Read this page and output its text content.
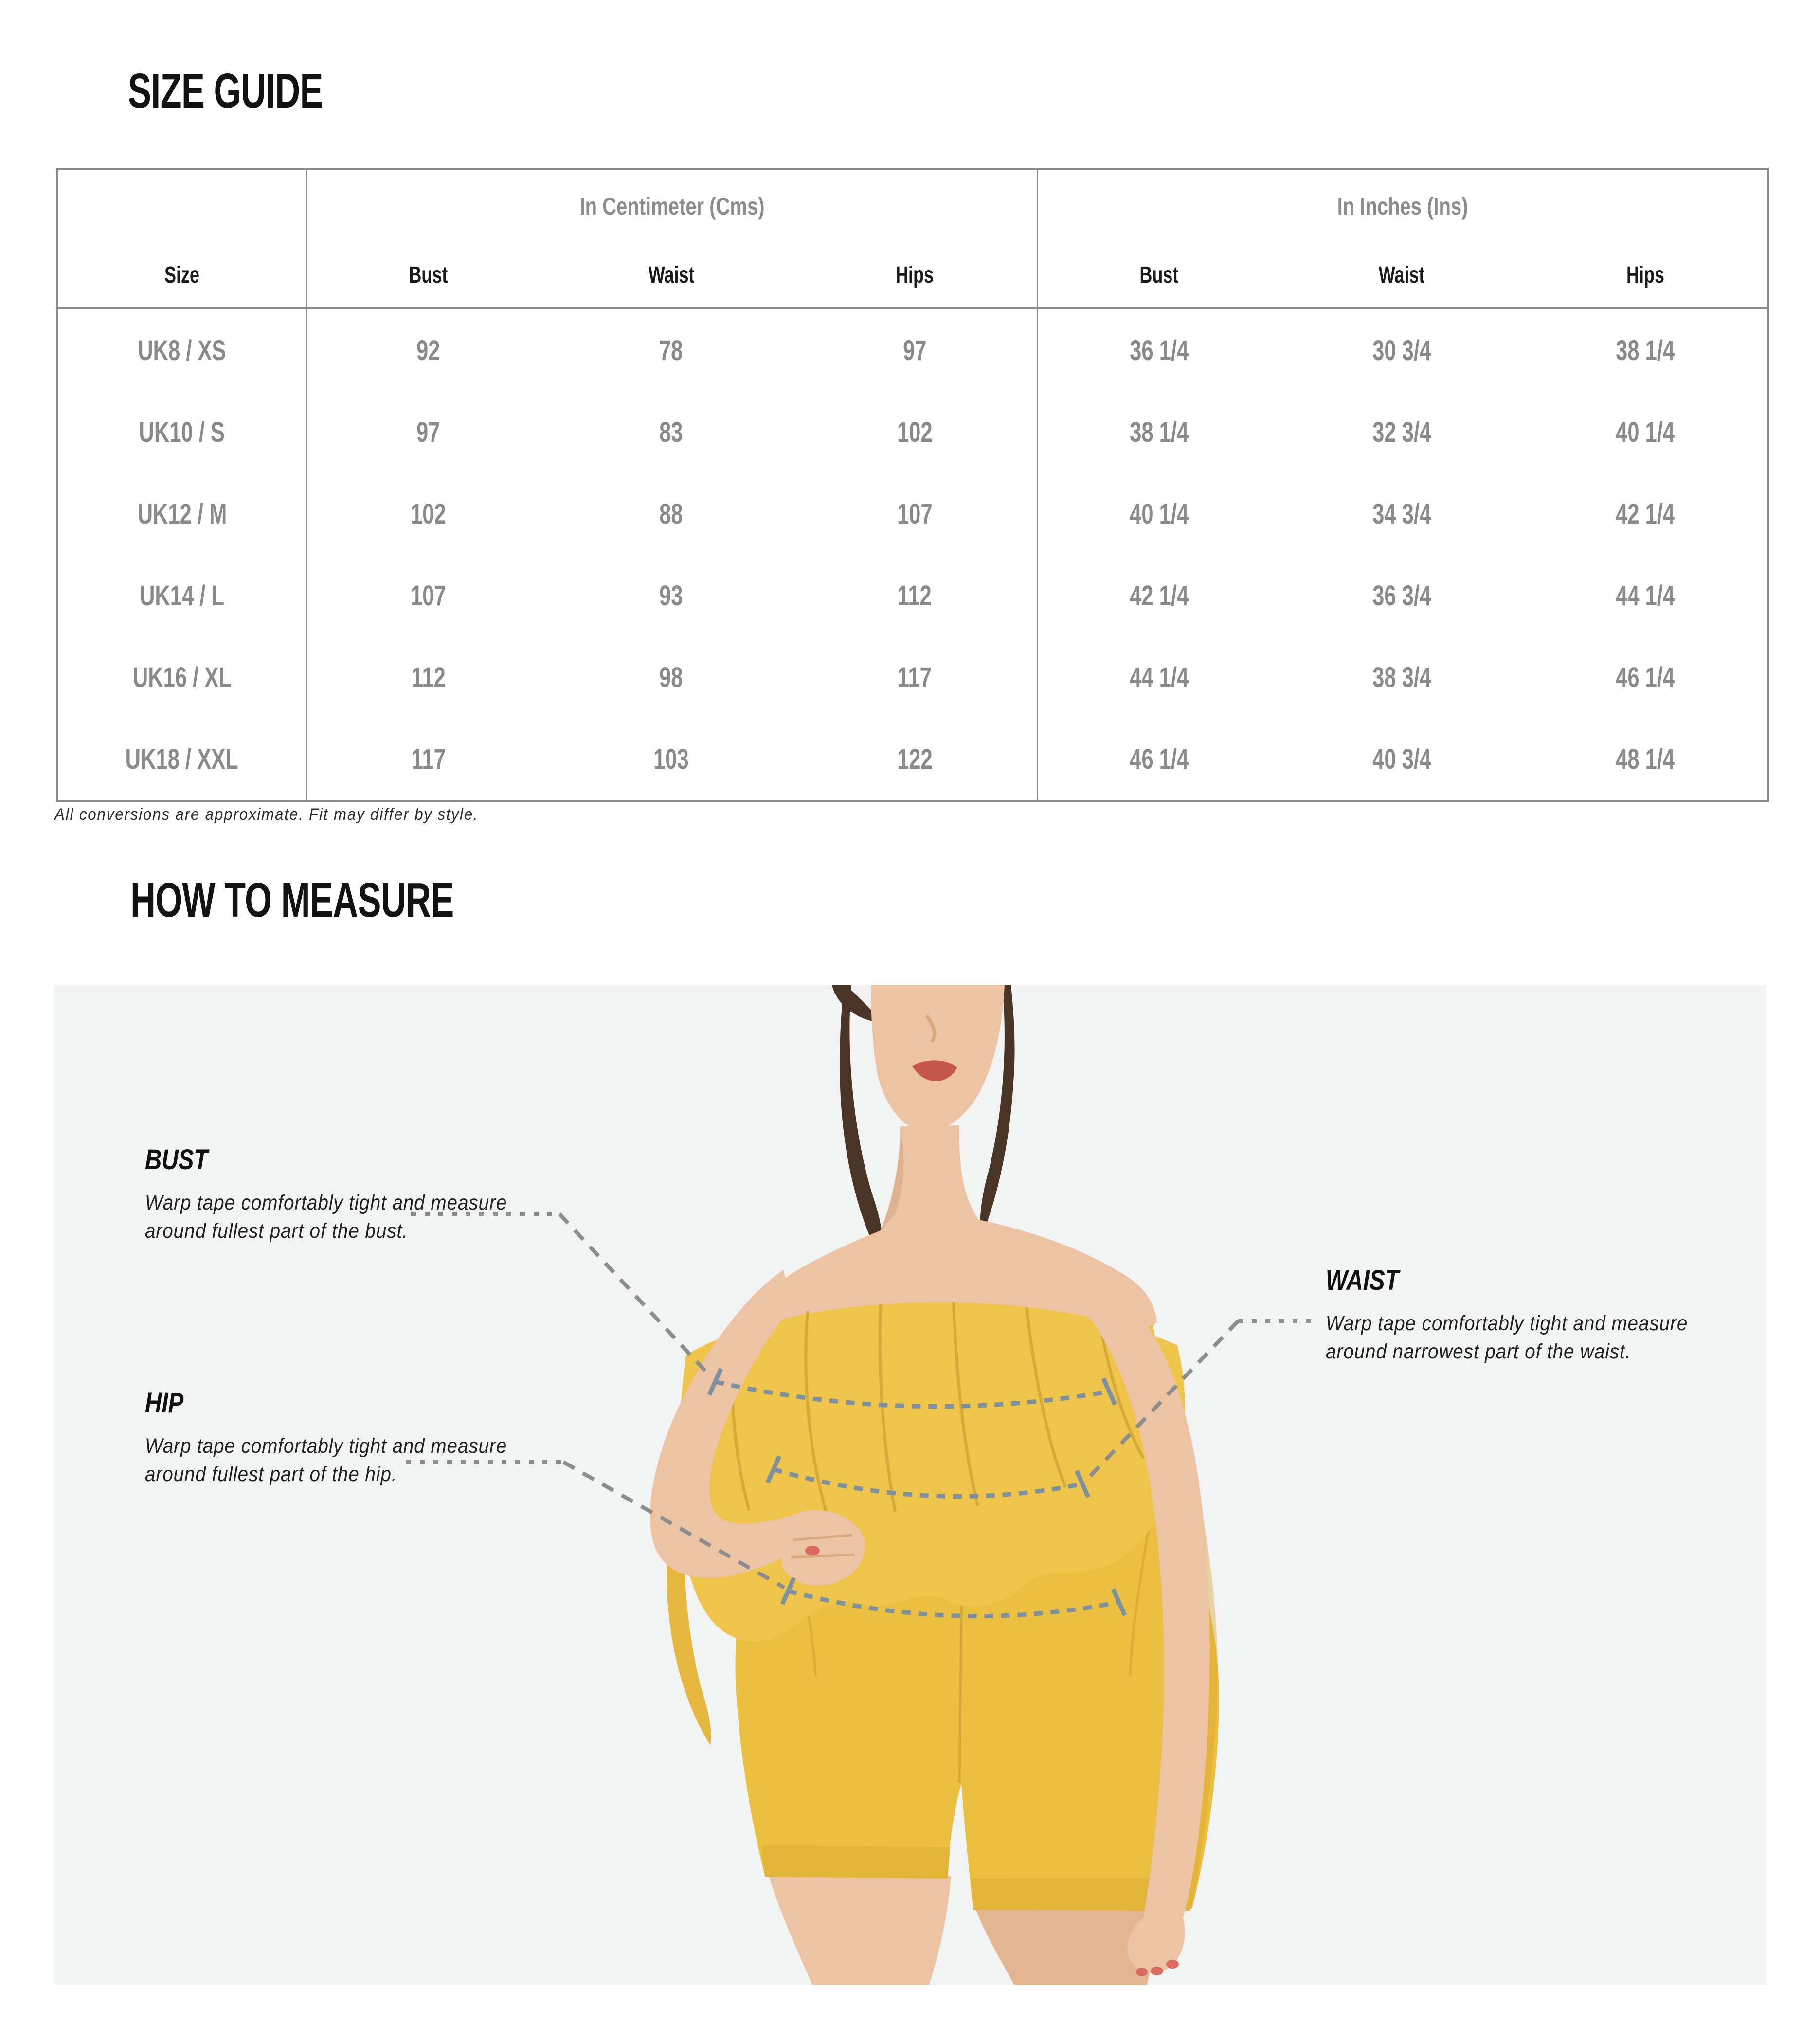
SIZE GUIDE
In Centimeter (Cms)	In Inches (Ins)
Size	Bust	Waist	Hips	Bust	Waist	Hips
UK8 / XS	92	78	97	36 1/4	30 3/4	38 1/4
UK10 / S	97	83	102	38 1/4	32 3/4	40 1/4
UK12 / M	102	88	107	40 1/4	34 3/4	42 1/4
UK14 / L	107	93	112	42 1/4	36 3/4	44 1/4
UK16 / XL	112	98	117	44 1/4	38 3/4	46 1/4
UK18 / XXL	117	103	122	46 1/4	40 3/4	48 1/4
All conversions are approximate. Fit may differ by style.
HOW TO MEASURE
BUST
Warp tape comfortably tight and measure
around fullest part of the bust.
WAIST
Warp tape comfortably tight and measure
around narrowest part of the waist.
HIP
Warp tape comfortably tight and measure
around fullest part of the hip.
